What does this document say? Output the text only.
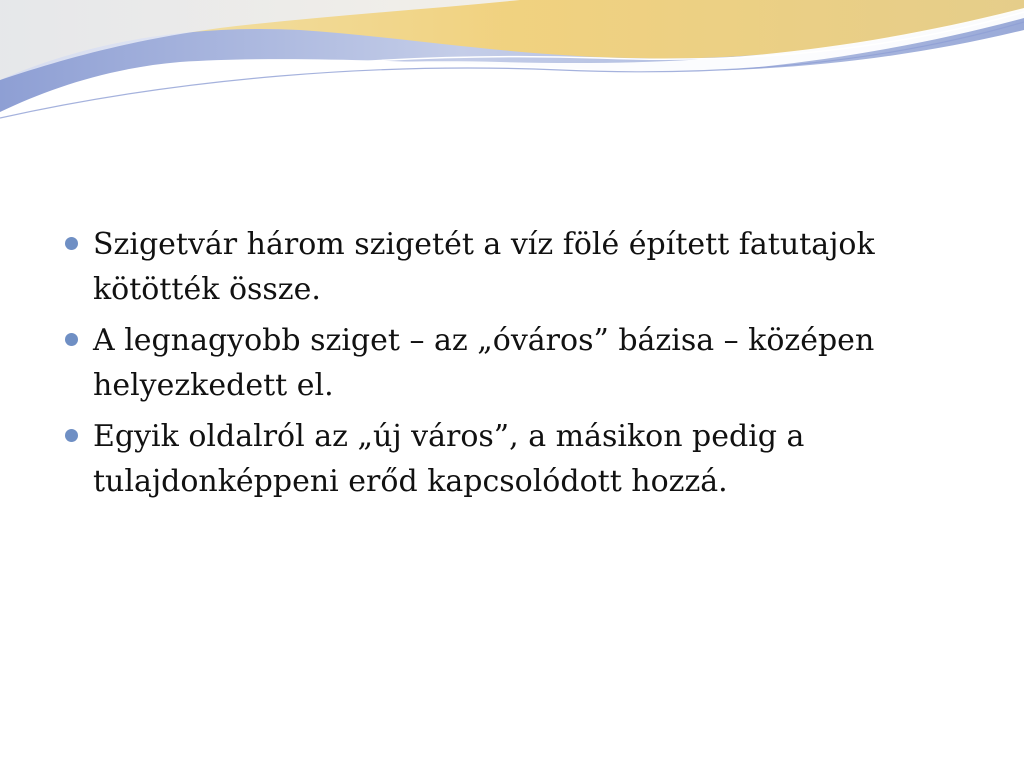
Szigetvár három szigetét a víz fölé épített fatutajok kötötték össze.
A legnagyobb sziget – az „óváros” bázisa – középen helyezkedett el.
Egyik oldalról az „új város”, a másikon pedig a tulajdonképpeni erőd kapcsolódott hozzá.
